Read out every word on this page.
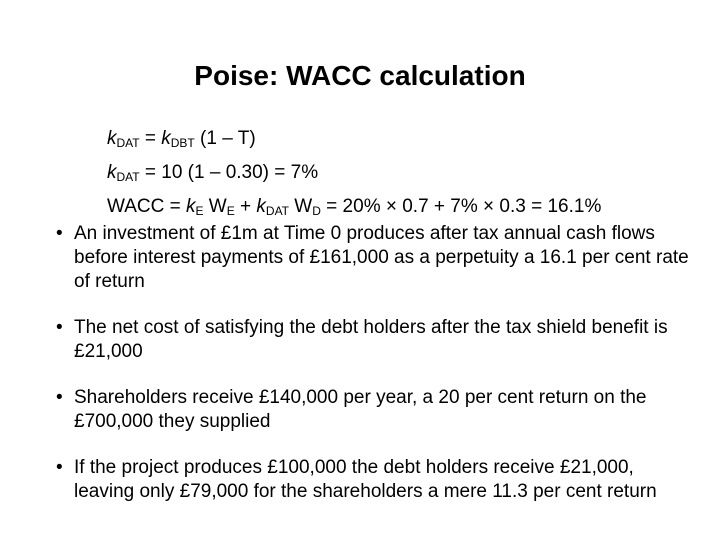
Poise: WACC calculation
$k_{DAT} = k_{DBT}$ (1 – T)
$k_{DAT} = 10$ (1 – 0.30) = 7%
WACC = $k_E$ $W_E + k_{DAT}$ $W_D = 20\% \times 0.7 + 7\% \times 0.3 = 16.1\%$
• An investment of £1m at Time 0 produces after tax annual cash flows before interest payments of £161,000 as a perpetuity a 16.1 per cent rate of return
• The net cost of satisfying the debt holders after the tax shield benefit is £21,000
• Shareholders receive £140,000 per year, a 20 per cent return on the £700,000 they supplied
• If the project produces £100,000 the debt holders receive £21,000, leaving only £79,000 for the shareholders a mere 11.3 per cent return
